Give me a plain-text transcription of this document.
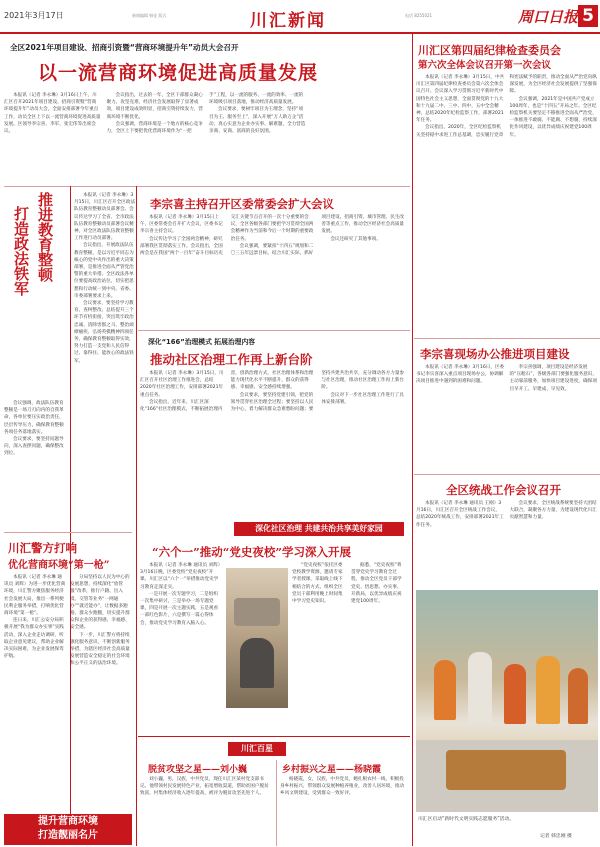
2021年3月17日	新闻编辑 韩佳 版式	川汇新闻	电话 8255021	周口日报 5
全区2021年项目建设、招商引资暨“营商环境提升年”动员大会召开
以一流营商环境促进高质量发展

本报讯（记者 李永琳）3月16日上午，川汇区召开2021年项目建设、招商引资暨“营商环境提升年”动员大会，全面安排部署今年重点工作，动员全区上下以一流营商环境促进高质量发展。区领导李宗喜、李军、张宏伟等出席会议。

会议指出，过去的一年，全区干部群众凝心聚力、攻坚克难，经济社会发展取得了显著成效，项目建设成效明显，招商引资持续发力，营商环境不断优化。

会议强调，营商环境是一个地方的核心竞争力，全区上下要把优化营商环境作为“一把手”工程，以一流的服务、一流的效率、一流的环境吸引项目落地，推动经济高质量发展。

会议要求，要树牢项目为王理念，坚持“项目为王、服务至上”，深入开展“万人助万企”活动，真心实意为企业办实事、解难题，全力营造亲商、安商、富商的良好氛围。

推进教育整顿
打造政法铁军

本报讯（记者 李永琳）3月15日，川汇区召开全区政法队伍教育整顿动员部署会。会议传达学习了全省、全市政法队伍教育整顿动员部署会议精神，对全区政法队伍教育整顿工作进行动员部署。

会议指出，开展政法队伍教育整顿，是以习近平同志为核心的党中央作出的重大决策部署，是推进全面从严管党治警的重大举措。全区政法各单位要提高政治站位，切实把思想和行动统一到中央、省委、市委部署要求上来。

会议要求，要坚持学习教育、查纠整改、总结提升三个环节有机衔接，突出筑牢政治忠诚、清除害群之马、整治顽瘴痼疾、弘扬英模精神四项任务，确保教育整顿取得实效，努力打造一支党和人民信得过、靠得住、能放心的政法铁军。

会议强调，政法队伍教育整顿是一场刀刃向内的自我革命，各单位要压实政治责任，层层传导压力，确保教育整顿各项任务落地落实。

会议要求，要坚持问题导向，深入查摆问题，确保整改到位。

川汇警方打响
优化营商环境“第一枪”

本报讯（记者 李永琳 通讯员 刘辉）为进一步优化营商环境，川汇警方聚焦服务经济社会发展大局，推出一系列便民利企服务举措，打响优化营商环境“第一枪”。

连日来，川汇公安分局积极开展“我为群众办实事”实践活动，深入企业走访调研，听取企业意见建议，帮助企业解决实际困难，为企业发展保驾护航。

分局坚持以人民为中心的发展思想，持续深化“放管服”改革，推行户籍、出入境、交管等业务“一网通办”“就近能办”，让数据多跑路、群众少跑腿，切实提升群众和企业的获得感、幸福感、安全感。

下一步，川汇警方将持续强化服务意识，不断创新服务举措，为辖区经济社会高质量发展营造安全稳定的社会环境和公平正义的法治环境。

提升营商环境
打造靓丽名片
李宗喜主持召开区委常委会扩大会议

本报讯（记者 李永琳）3月15日上午，区委常委会召开扩大会议，区委书记李宗喜主持会议。

会议传达学习了全国两会精神，研究部署我区贯彻落实工作。会议指出，全国两会是在我国“两个一百年”奋斗目标历史交汇关键节点召开的一次十分重要的会议，全区各级各部门要把学习贯彻全国两会精神作为当前和今后一个时期的重要政治任务。

会议强调，要紧扣“十四五”规划和二〇三五年远景目标，结合川汇实际，抓好项目建设、招商引资、城市管理、民生改善等重点工作，推动全区经济社会高质量发展。

会议还研究了其他事项。

深化“166”治理模式 拓展治理内容
推动社区治理工作再上新台阶

本报讯（记者 李永琳）3月15日，川汇区召开社区治理工作推进会，总结2020年社区治理工作，安排部署2021年重点任务。

会议指出，近年来，川汇区深化“166”社区治理模式，不断拓展治理内容，创新治理方式，社区治理体系和治理能力现代化水平不断提升，群众的获得感、幸福感、安全感持续增强。

会议要求，要坚持党建引领，把党的领导贯穿社区治理全过程；要坚持以人民为中心，着力解决群众急难愁盼问题；要坚持共建共治共享，充分调动各方力量参与社区治理，推动社区治理工作再上新台阶。

会议对下一步社区治理工作进行了具体安排部署。

深化社区治理 共建共治共享美好家园
“六个一”推动“党史夜校”学习深入开展

本报讯（记者 李永琳 通讯员 刘辉）3月16日晚，区委党校“党史夜校”开课。川汇区以“六个一”举措推动党史学习教育走深走实。

一是开展一次专题学习，二是组织一次集中研讨，三是举办一场专题党课，四是开展一次主题实践，五是观看一部红色影片，六是撰写一篇心得体会，推动党史学习教育入脑入心。

“党史夜校”依托区委党校教学资源，邀请专家学者授课，采取线上线下相结合的方式，组织全区党员干部利用晚上时间集中学习党史知识。

据悉，“党史夜校”将贯穿党史学习教育全过程，推动全区党员干部学党史、悟思想、办实事、开新局，以优异成绩庆祝建党100周年。

川汇百星
脱贫攻坚之星——刘小巍	乡村振兴之星——杨晓霞

刘小巍，男，汉族，中共党员，现任川汇区某村党支部书记。他带领村民发展特色产业，拓宽增收渠道，帮助贫困户脱贫致富，村集体经济收入逐年提高，被评为脱贫攻坚先进个人。

杨晓霞，女，汉族，中共党员，她扎根农村一线，积极投身乡村振兴，带领群众发展种植养殖业，改善人居环境，推动乡风文明建设，受到群众一致好评。

川汇区第四届纪律检查委员会
第六次全体会议召开第一次会议

本报讯（记者 李永琳）3月15日，中共川汇区第四届纪律检查委员会第六次全体会议召开。会议深入学习贯彻习近平新时代中国特色社会主义思想，全面贯彻党的十九大和十九届二中、三中、四中、五中全会精神，总结2020年纪检监察工作，部署2021年任务。

会议指出，2020年，全区纪检监察机关坚持稳中求进工作总基调，忠实履行党章和宪法赋予的职责，推动全面从严治党向纵深发展，为全区经济社会发展提供了坚强保障。

会议强调，2021年是中国共产党成立100周年，也是“十四五”开局之年。全区纪检监察机关要坚定不移推进全面从严治党，一体推进不敢腐、不能腐、不想腐，持续深化作风建设，以优异成绩庆祝建党100周年。

李宗喜现场办公推进项目建设

本报讯（记者 李永琳）3月16日，区委书记李宗喜深入重点项目现场办公，协调解决项目推进中遇到的困难和问题。

李宗喜强调，项目建设是经济发展的“压舱石”，各级各部门要强化服务意识，主动靠前服务，加快项目建设进度，确保项目早开工、早建成、早见效。

全区统战工作会议召开

本报讯（记者 李永琳 通讯员 王刚）3月16日，川汇区召开全区统战工作会议，总结2020年统战工作，安排部署2021年工作任务。

会议要求，全区统战系统要坚持大团结大联合，凝聚各方力量，为建设现代化川汇贡献智慧和力量。

川汇区启动“新时代文明实践志愿服务”活动。
记者 韩忠刚 摄
